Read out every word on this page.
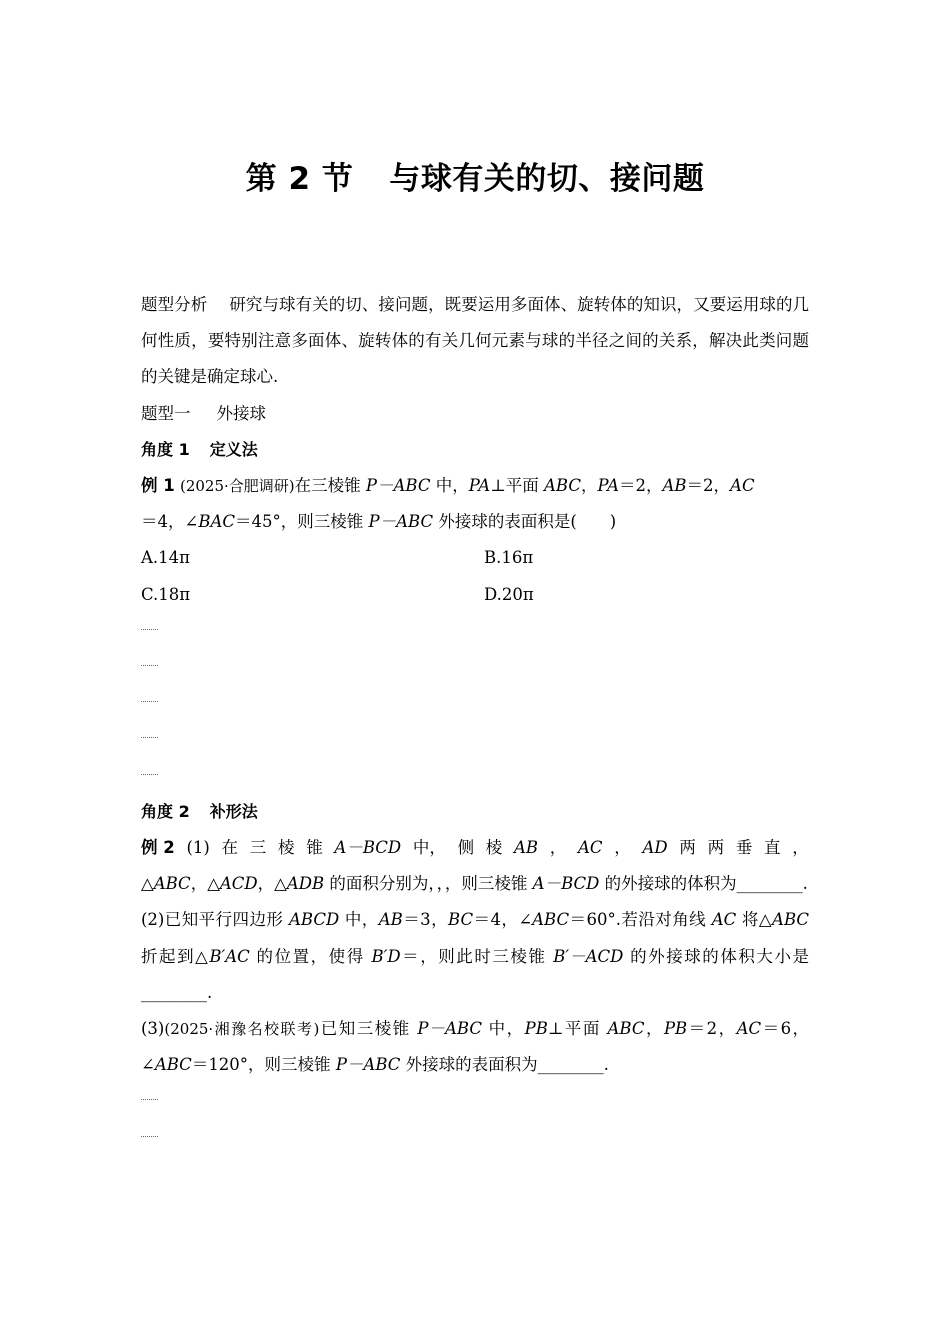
第 2 节 与球有关的切、接问题

题型分析 研究与球有关的切、接问题，既要运用多面体、旋转体的知识，又要运用球的几何性质，要特别注意多面体、旋转体的有关几何元素与球的半径之间的关系，解决此类问题的关键是确定球心.

题型一 外接球

角度 1 定义法

例 1 (2025·合肥调研)在三棱锥 P－ABC 中，PA⊥平面 ABC，PA＝2，AB＝2，AC
＝4，∠BAC＝45°，则三棱锥 P－ABC 外接球的表面积是(　　)

A.14π	B.16π
C.18π	D.20π

角度 2 补形法

例 2 (1) 在 三 棱 锥 A－BCD 中， 侧 棱 AB ， AC ， AD 两 两 垂 直 ，

△ABC，△ACD，△ADB 的面积分别为，，，则三棱锥 A－BCD 的外接球的体积为________.

(2)已知平行四边形 ABCD 中，AB＝3，BC＝4，∠ABC＝60°.若沿对角线 AC 将△ABC 折起到△B′AC 的位置，使得 B′D＝，则此时三棱锥 B′－ACD 的外接球的体积大小是________.

(3)(2025·湘豫名校联考)已知三棱锥 P－ABC 中，PB⊥平面 ABC，PB＝2，AC＝6，∠ABC＝120°，则三棱锥 P－ABC 外接球的表面积为________.
